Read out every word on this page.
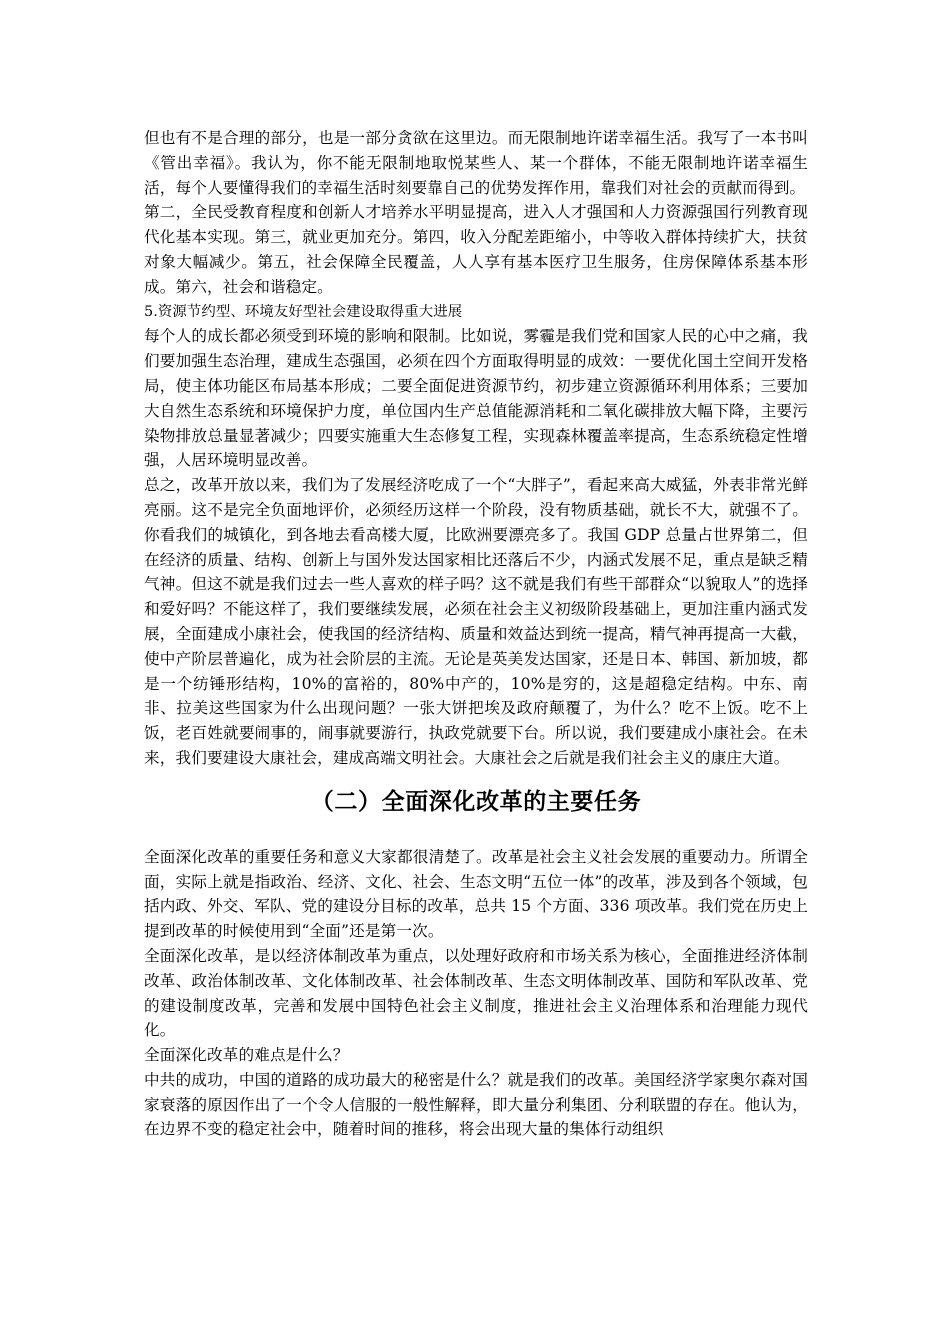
但也有不是合理的部分，也是一部分贪欲在这里边。而无限制地许诺幸福生活。我写了一本书叫《管出幸福》。我认为，你不能无限制地取悦某些人、某一个群体，不能无限制地许诺幸福生活，每个人要懂得我们的幸福生活时刻要靠自己的优势发挥作用，靠我们对社会的贡献而得到。

第二，全民受教育程度和创新人才培养水平明显提高，进入人才强国和人力资源强国行列教育现代化基本实现。第三，就业更加充分。第四，收入分配差距缩小，中等收入群体持续扩大，扶贫对象大幅减少。第五，社会保障全民覆盖，人人享有基本医疗卫生服务，住房保障体系基本形成。第六，社会和谐稳定。

5.资源节约型、环境友好型社会建设取得重大进展

每个人的成长都必须受到环境的影响和限制。比如说，雾霾是我们党和国家人民的心中之痛，我们要加强生态治理，建成生态强国，必须在四个方面取得明显的成效：一要优化国土空间开发格局，使主体功能区布局基本形成；二要全面促进资源节约，初步建立资源循环利用体系；三要加大自然生态系统和环境保护力度，单位国内生产总值能源消耗和二氧化碳排放大幅下降，主要污染物排放总量显著减少；四要实施重大生态修复工程，实现森林覆盖率提高，生态系统稳定性增强，人居环境明显改善。

总之，改革开放以来，我们为了发展经济吃成了一个“大胖子”，看起来高大威猛，外表非常光鲜亮丽。这不是完全负面地评价，必须经历这样一个阶段，没有物质基础，就长不大，就强不了。你看我们的城镇化，到各地去看高楼大厦，比欧洲要漂亮多了。我国 GDP 总量占世界第二，但在经济的质量、结构、创新上与国外发达国家相比还落后不少，内涵式发展不足，重点是缺乏精气神。但这不就是我们过去一些人喜欢的样子吗？这不就是我们有些干部群众“以貌取人”的选择和爱好吗？不能这样了，我们要继续发展，必须在社会主义初级阶段基础上，更加注重内涵式发展，全面建成小康社会，使我国的经济结构、质量和效益达到统一提高，精气神再提高一大截，使中产阶层普遍化，成为社会阶层的主流。无论是英美发达国家，还是日本、韩国、新加坡，都是一个纺锤形结构，10%的富裕的，80%中产的，10%是穷的，这是超稳定结构。中东、南非、拉美这些国家为什么出现问题？一张大饼把埃及政府颠覆了，为什么？吃不上饭。吃不上饭，老百姓就要闹事的，闹事就要游行，执政党就要下台。所以说，我们要建成小康社会。在未来，我们要建设大康社会，建成高端文明社会。大康社会之后就是我们社会主义的康庄大道。

（二）全面深化改革的主要任务

全面深化改革的重要任务和意义大家都很清楚了。改革是社会主义社会发展的重要动力。所谓全面，实际上就是指政治、经济、文化、社会、生态文明“五位一体”的改革，涉及到各个领域，包括内政、外交、军队、党的建设分目标的改革，总共 15 个方面、336 项改革。我们党在历史上提到改革的时候使用到“全面”还是第一次。

全面深化改革，是以经济体制改革为重点，以处理好政府和市场关系为核心，全面推进经济体制改革、政治体制改革、文化体制改革、社会体制改革、生态文明体制改革、国防和军队改革、党的建设制度改革，完善和发展中国特色社会主义制度，推进社会主义治理体系和治理能力现代化。

全面深化改革的难点是什么？

中共的成功，中国的道路的成功最大的秘密是什么？就是我们的改革。美国经济学家奥尔森对国家衰落的原因作出了一个令人信服的一般性解释，即大量分利集团、分利联盟的存在。他认为，在边界不变的稳定社会中，随着时间的推移，将会出现大量的集体行动组织
